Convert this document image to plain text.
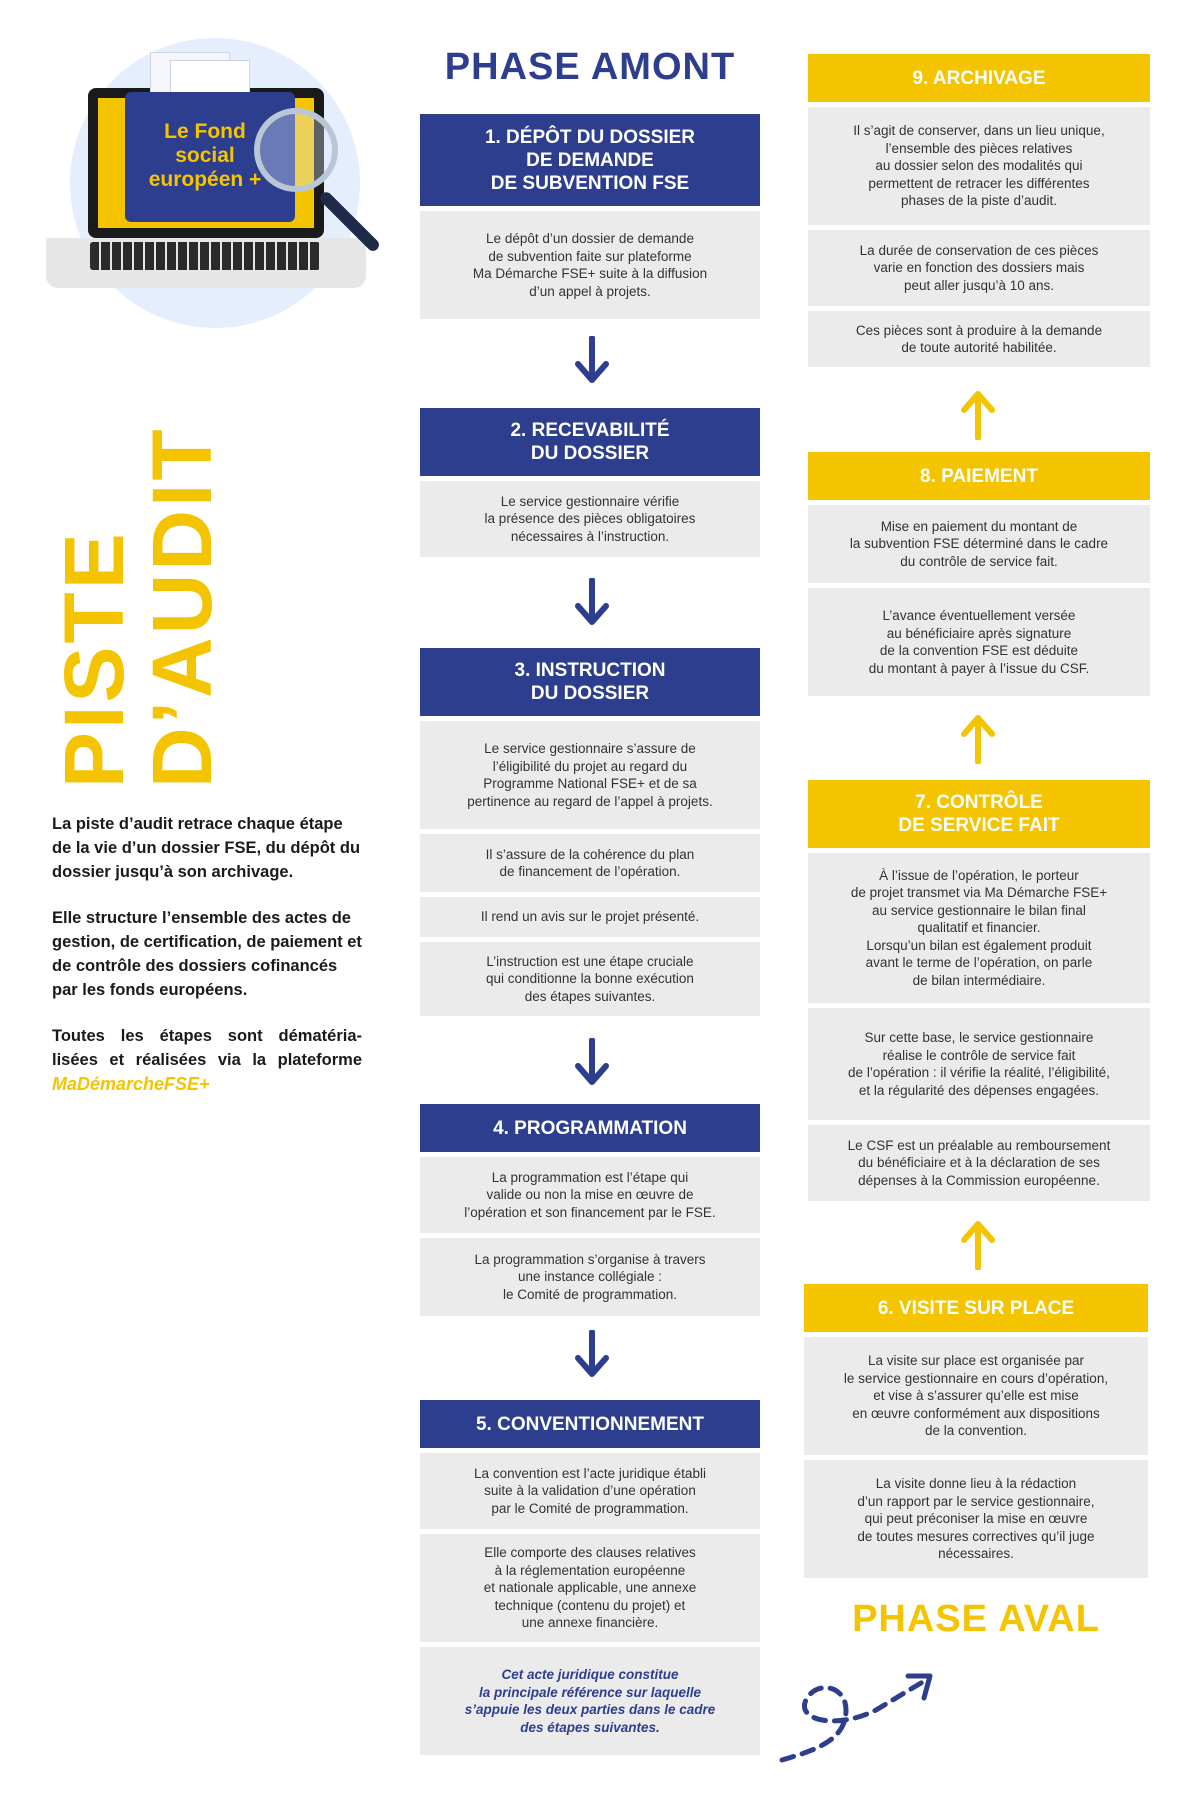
Le Fond
social
européen +
PISTE
D’AUDIT

La piste d’audit retrace chaque étape de la vie d’un dossier FSE, du dépôt du dossier jusqu’à son archivage.

Elle structure l’ensemble des actes de gestion, de certification, de paiement et de contrôle des dossiers cofinancés par les fonds européens.

Toutes les étapes sont dématéria-lisées et réalisées via la plateforme MaDémarcheFSE+

PHASE AMONT
PHASE AVAL
1. DÉPÔT DU DOSSIER
DE DEMANDE
DE SUBVENTION FSE
Le dépôt d’un dossier de demande
de subvention faite sur plateforme
Ma Démarche FSE+ suite à la diffusion
d’un appel à projets.
2. RECEVABILITÉ
DU DOSSIER
Le service gestionnaire vérifie
la présence des pièces obligatoires
nécessaires à l’instruction.
3. INSTRUCTION
DU DOSSIER
Le service gestionnaire s’assure de
l’éligibilité du projet au regard du
Programme National FSE+ et de sa
pertinence au regard de l’appel à projets.
Il s’assure de la cohérence du plan
de financement de l’opération.
Il rend un avis sur le projet présenté.
L’instruction est une étape cruciale
qui conditionne la bonne exécution
des étapes suivantes.
4. PROGRAMMATION
La programmation est l’étape qui
valide ou non la mise en œuvre de
l’opération et son financement par le FSE.
La programmation s’organise à travers
une instance collégiale :
le Comité de programmation.
5. CONVENTIONNEMENT
La convention est l’acte juridique établi
suite à la validation d’une opération
par le Comité de programmation.
Elle comporte des clauses relatives
à la réglementation européenne
et nationale applicable, une annexe
technique (contenu du projet) et
une annexe financière.
Cet acte juridique constitue
la principale référence sur laquelle
s’appuie les deux parties dans le cadre
des étapes suivantes.
9. ARCHIVAGE
Il s’agit de conserver, dans un lieu unique,
l’ensemble des pièces relatives
au dossier selon des modalités qui
permettent de retracer les différentes
phases de la piste d’audit.
La durée de conservation de ces pièces
varie en fonction des dossiers mais
peut aller jusqu’à 10 ans.
Ces pièces sont à produire à la demande
de toute autorité habilitée.
8. PAIEMENT
Mise en paiement du montant de
la subvention FSE déterminé dans le cadre
du contrôle de service fait.
L’avance éventuellement versée
au bénéficiaire après signature
de la convention FSE est déduite
du montant à payer à l’issue du CSF.
7. CONTRÔLE
DE SERVICE FAIT
À l’issue de l’opération, le porteur
de projet transmet via Ma Démarche FSE+
au service gestionnaire le bilan final
qualitatif et financier.
Lorsqu’un bilan est également produit
avant le terme de l’opération, on parle
de bilan intermédiaire.
Sur cette base, le service gestionnaire
réalise le contrôle de service fait
de l’opération : il vérifie la réalité, l’éligibilité,
et la régularité des dépenses engagées.
Le CSF est un préalable au remboursement
du bénéficiaire et à la déclaration de ses
dépenses à la Commission européenne.
6. VISITE SUR PLACE
La visite sur place est organisée par
le service gestionnaire en cours d’opération,
et vise à s’assurer qu’elle est mise
en œuvre conformément aux dispositions
de la convention.
La visite donne lieu à la rédaction
d’un rapport par le service gestionnaire,
qui peut préconiser la mise en œuvre
de toutes mesures correctives qu’il juge
nécessaires.
